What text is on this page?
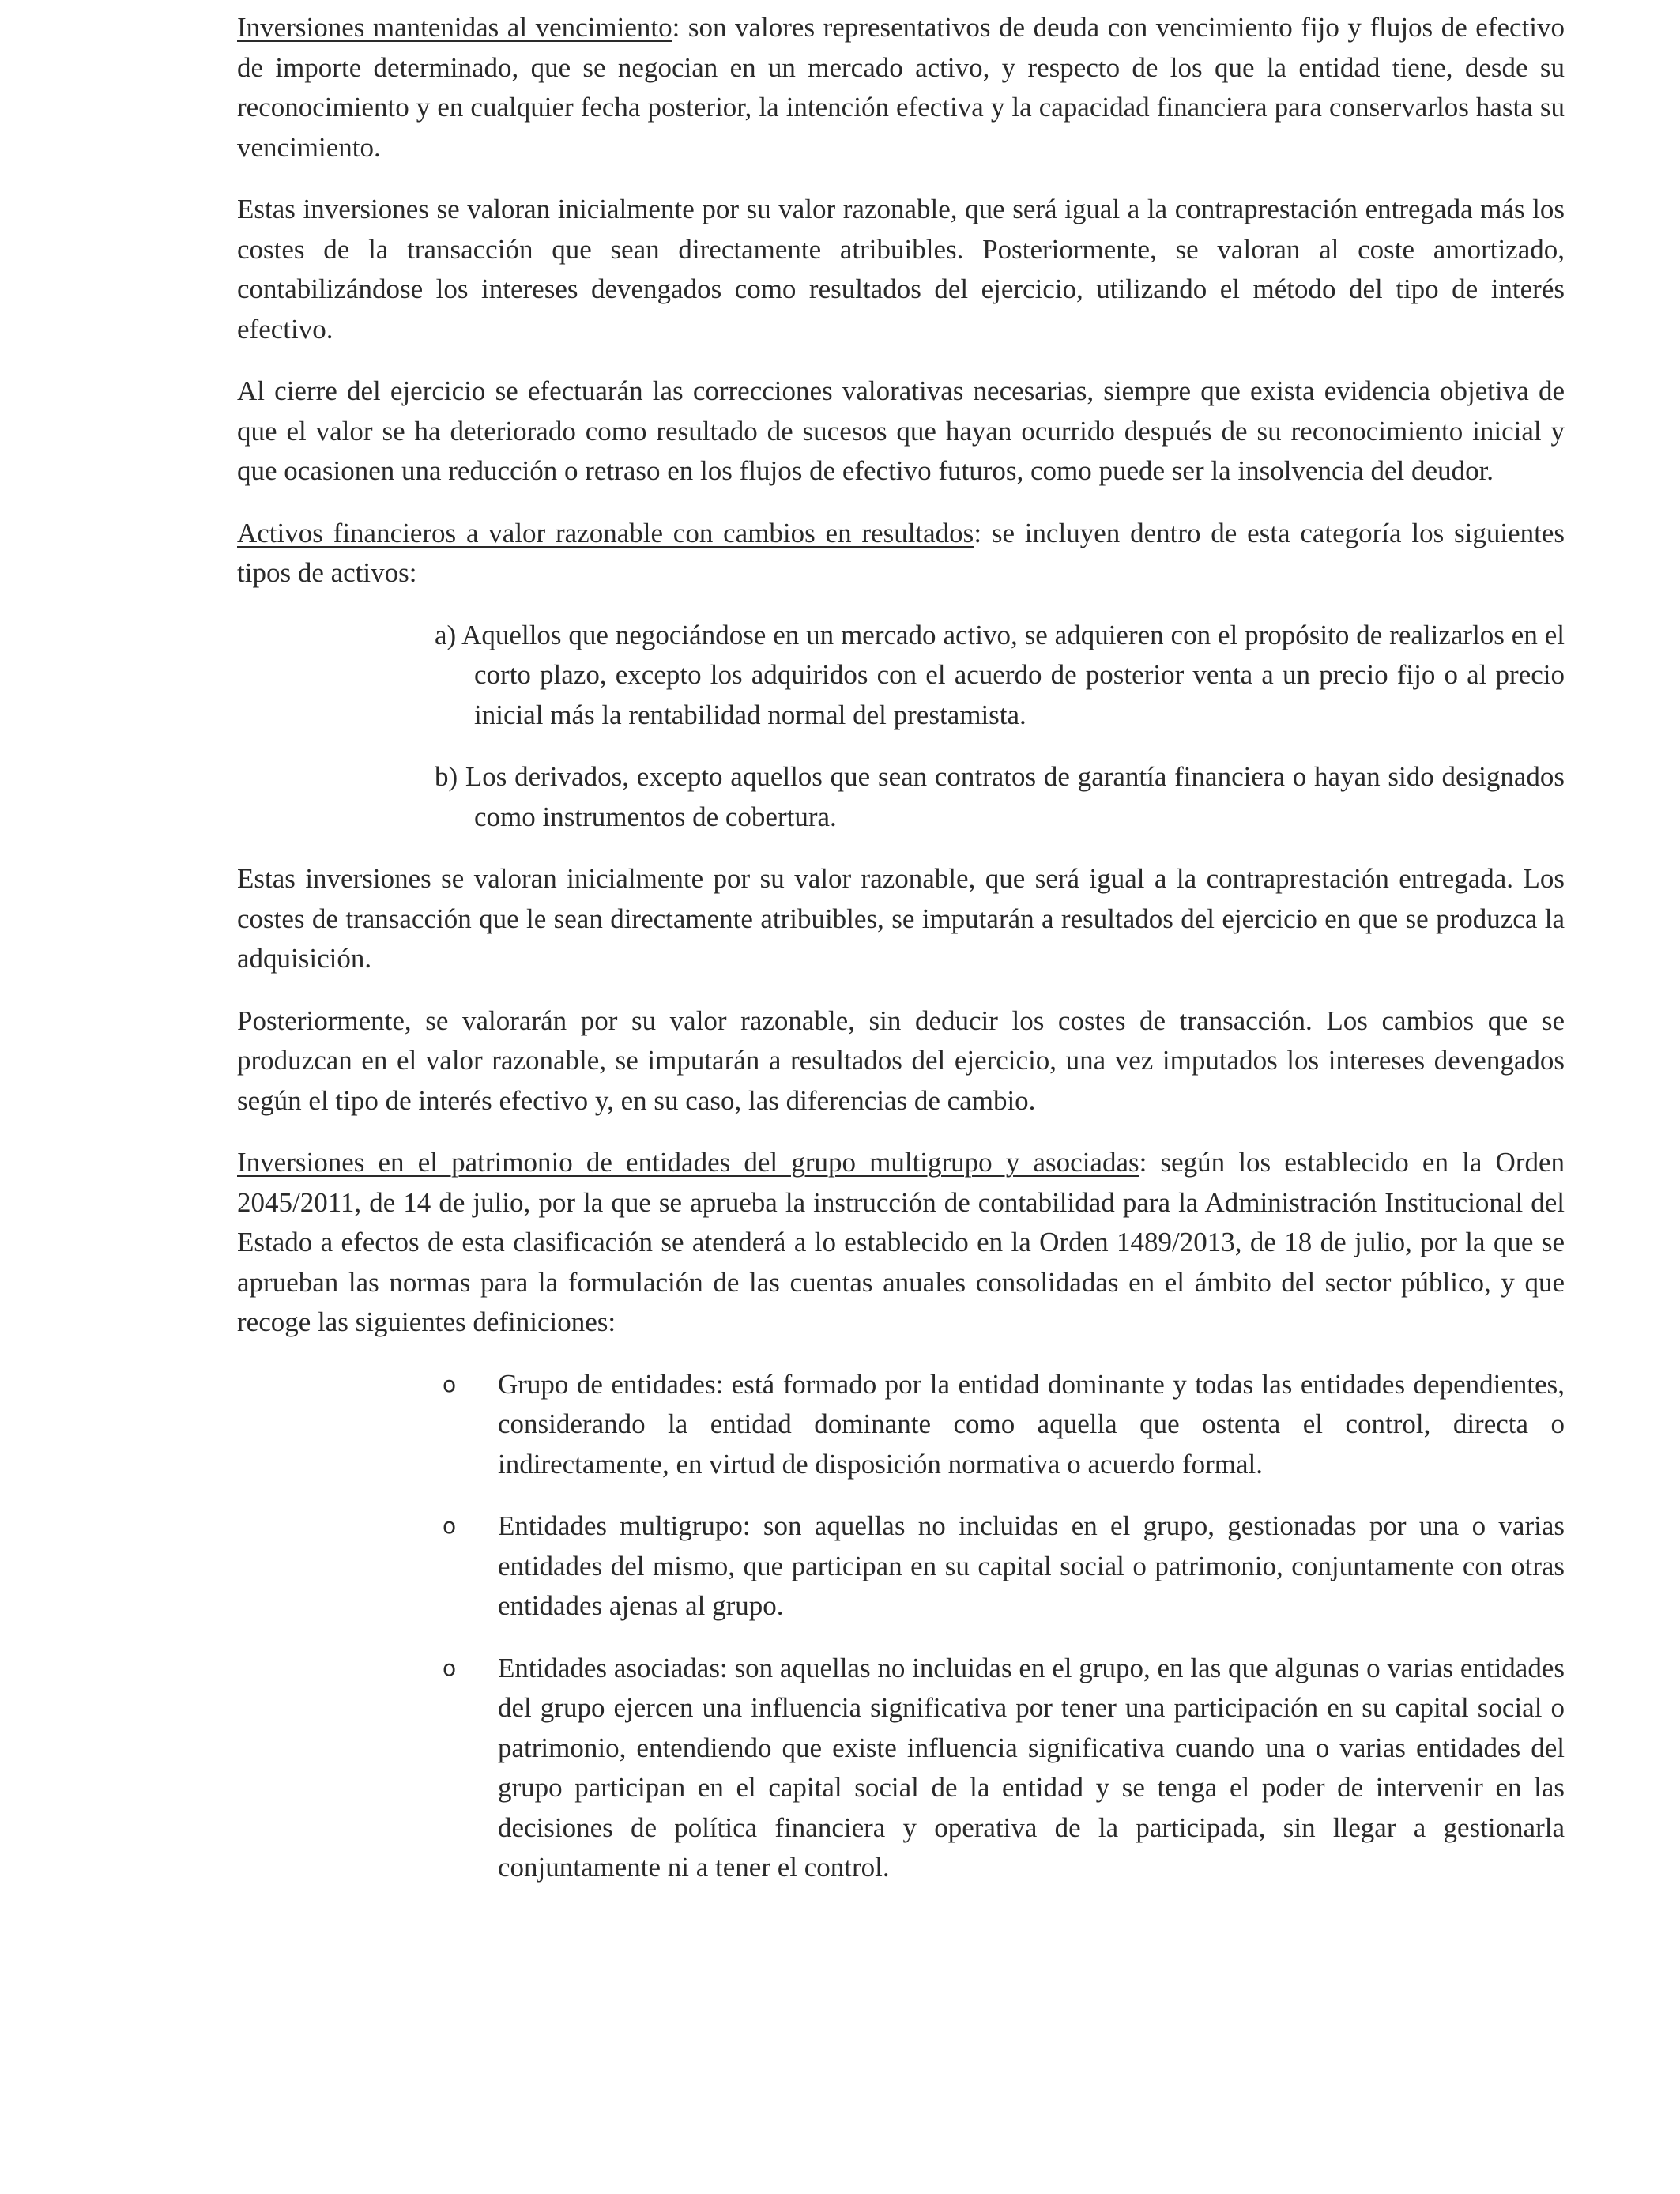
Inversiones mantenidas al vencimiento: son valores representativos de deuda con vencimiento fijo y flujos de efectivo de importe determinado, que se negocian en un mercado activo, y respecto de los que la entidad tiene, desde su reconocimiento y en cualquier fecha posterior, la intención efectiva y la capacidad financiera para conservarlos hasta su vencimiento.

Estas inversiones se valoran inicialmente por su valor razonable, que será igual a la contraprestación entregada más los costes de la transacción que sean directamente atribuibles. Posteriormente, se valoran al coste amortizado, contabilizándose los intereses devengados como resultados del ejercicio, utilizando el método del tipo de interés efectivo.

Al cierre del ejercicio se efectuarán las correcciones valorativas necesarias, siempre que exista evidencia objetiva de que el valor se ha deteriorado como resultado de sucesos que hayan ocurrido después de su reconocimiento inicial y que ocasionen una reducción o retraso en los flujos de efectivo futuros, como puede ser la insolvencia del deudor.

Activos financieros a valor razonable con cambios en resultados: se incluyen dentro de esta categoría los siguientes tipos de activos:

a) Aquellos que negociándose en un mercado activo, se adquieren con el propósito de realizarlos en el corto plazo, excepto los adquiridos con el acuerdo de posterior venta a un precio fijo o al precio inicial más la rentabilidad normal del prestamista.
b) Los derivados, excepto aquellos que sean contratos de garantía financiera o hayan sido designados como instrumentos de cobertura.

Estas inversiones se valoran inicialmente por su valor razonable, que será igual a la contraprestación entregada. Los costes de transacción que le sean directamente atribuibles, se imputarán a resultados del ejercicio en que se produzca la adquisición.

Posteriormente, se valorarán por su valor razonable, sin deducir los costes de transacción. Los cambios que se produzcan en el valor razonable, se imputarán a resultados del ejercicio, una vez imputados los intereses devengados según el tipo de interés efectivo y, en su caso, las diferencias de cambio.

Inversiones en el patrimonio de entidades del grupo multigrupo y asociadas: según los establecido en la Orden 2045/2011, de 14 de julio, por la que se aprueba la instrucción de contabilidad para la Administración Institucional del Estado a efectos de esta clasificación se atenderá a lo establecido en la Orden 1489/2013, de 18 de julio, por la que se aprueban las normas para la formulación de las cuentas anuales consolidadas en el ámbito del sector público, y que recoge las siguientes definiciones:

o Grupo de entidades: está formado por la entidad dominante y todas las entidades dependientes, considerando la entidad dominante como aquella que ostenta el control, directa o indirectamente, en virtud de disposición normativa o acuerdo formal.
o Entidades multigrupo: son aquellas no incluidas en el grupo, gestionadas por una o varias entidades del mismo, que participan en su capital social o patrimonio, conjuntamente con otras entidades ajenas al grupo.
o Entidades asociadas: son aquellas no incluidas en el grupo, en las que algunas o varias entidades del grupo ejercen una influencia significativa por tener una participación en su capital social o patrimonio, entendiendo que existe influencia significativa cuando una o varias entidades del grupo participan en el capital social de la entidad y se tenga el poder de intervenir en las decisiones de política financiera y operativa de la participada, sin llegar a gestionarla conjuntamente ni a tener el control.
